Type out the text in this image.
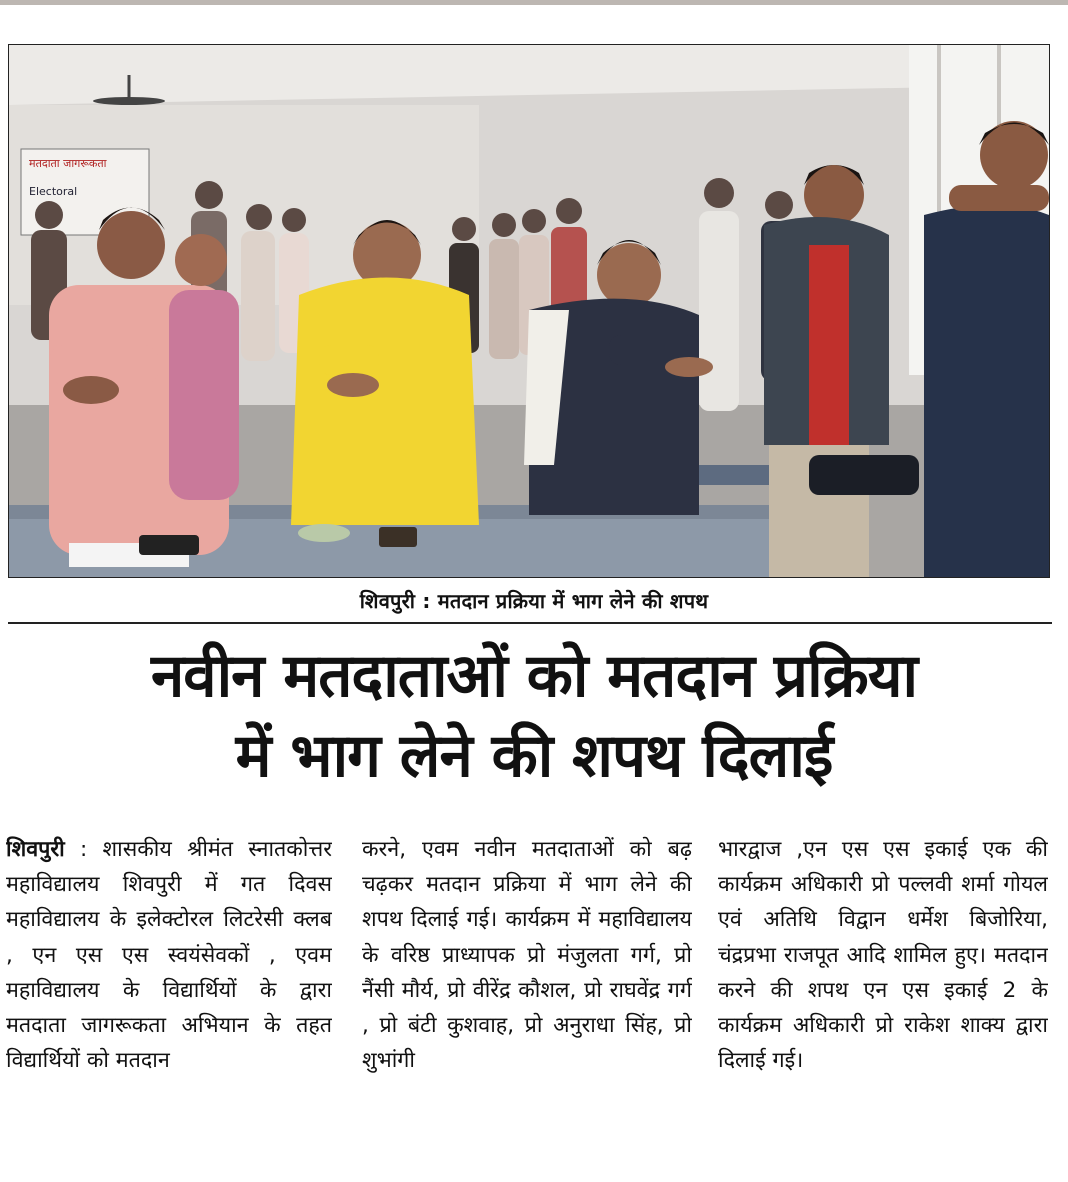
मतदाता जागरूकता
Electoral
शिवपुरी : मतदान प्रक्रिया में भाग लेने की शपथ
नवीन मतदाताओं को मतदान प्रक्रिया
में भाग लेने की शपथ दिलाई

शिवपुरी : शासकीय श्रीमंत स्नातकोत्तर महाविद्यालय शिवपुरी में गत दिवस महाविद्यालय के इलेक्टोरल लिटरेसी क्लब , एन एस एस स्वयंसेवकों , एवम महाविद्यालय के विद्यार्थियों के द्वारा मतदाता जागरूकता अभियान के तहत विद्यार्थियों को मतदान

करने, एवम नवीन मतदाताओं को बढ़ चढ़कर मतदान प्रक्रिया में भाग लेने की शपथ दिलाई गई। कार्यक्रम में महाविद्यालय के वरिष्ठ प्राध्यापक प्रो मंजुलता गर्ग, प्रो नैंसी मौर्य, प्रो वीरेंद्र कौशल, प्रो राघवेंद्र गर्ग , प्रो बंटी कुशवाह, प्रो अनुराधा सिंह, प्रो शुभांगी

भारद्वाज ,एन एस एस इकाई एक की कार्यक्रम अधिकारी प्रो पल्लवी शर्मा गोयल एवं अतिथि विद्वान धर्मेश बिजोरिया, चंद्रप्रभा राजपूत आदि शामिल हुए। मतदान करने की शपथ एन एस इकाई 2 के कार्यक्रम अधिकारी प्रो राकेश शाक्य द्वारा दिलाई गई।
